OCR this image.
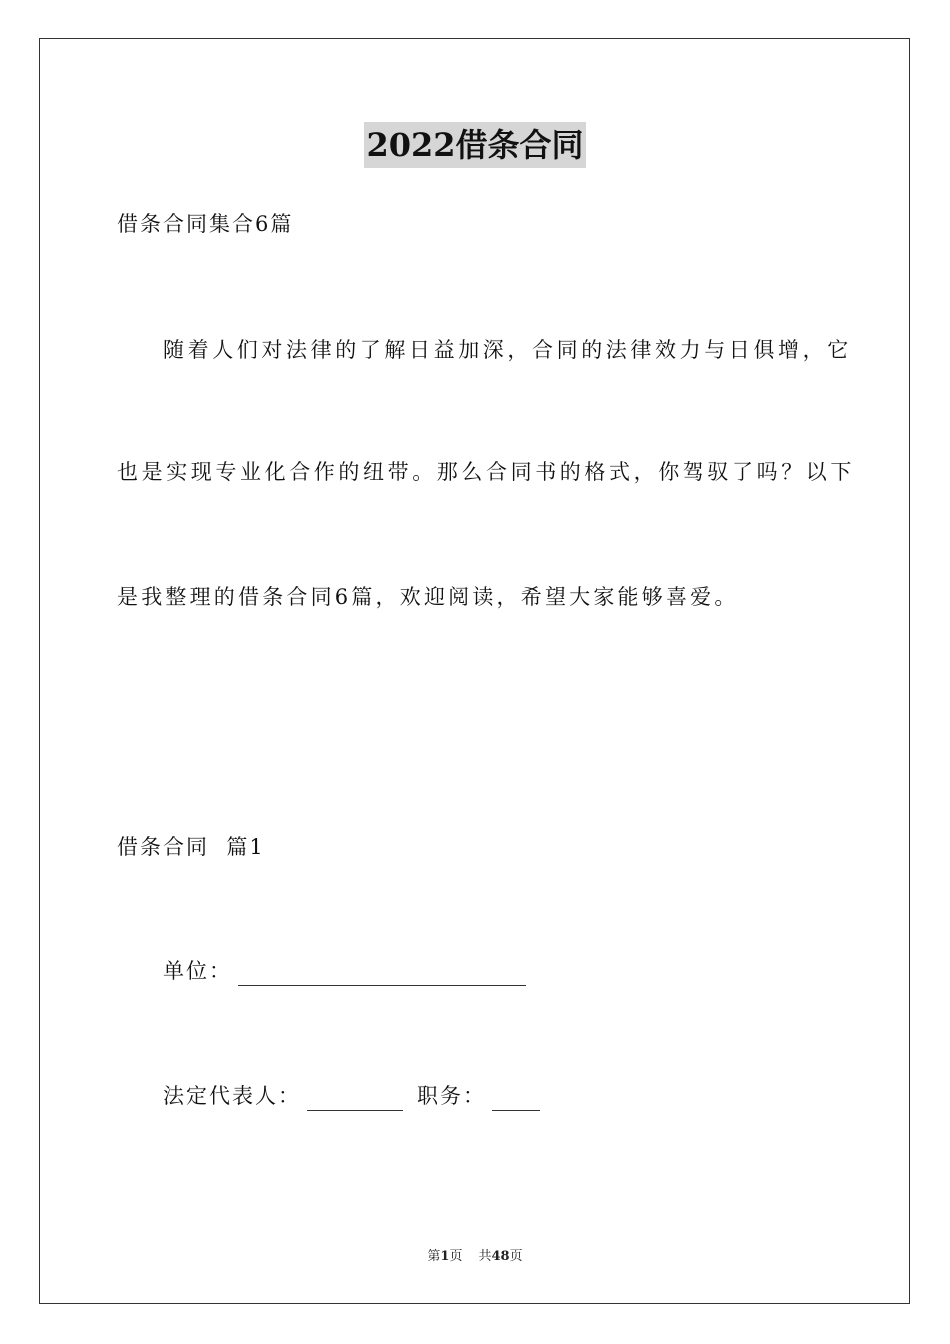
2022借条合同
借条合同集合6篇
随着人们对法律的了解日益加深，合同的法律效力与日俱增，它
也是实现专业化合作的纽带。那么合同书的格式，你驾驭了吗？以下
是我整理的借条合同6篇，欢迎阅读，希望大家能够喜爱。
借条合同  篇1
单位：
法定代表人：	职务：
第1页 共48页
